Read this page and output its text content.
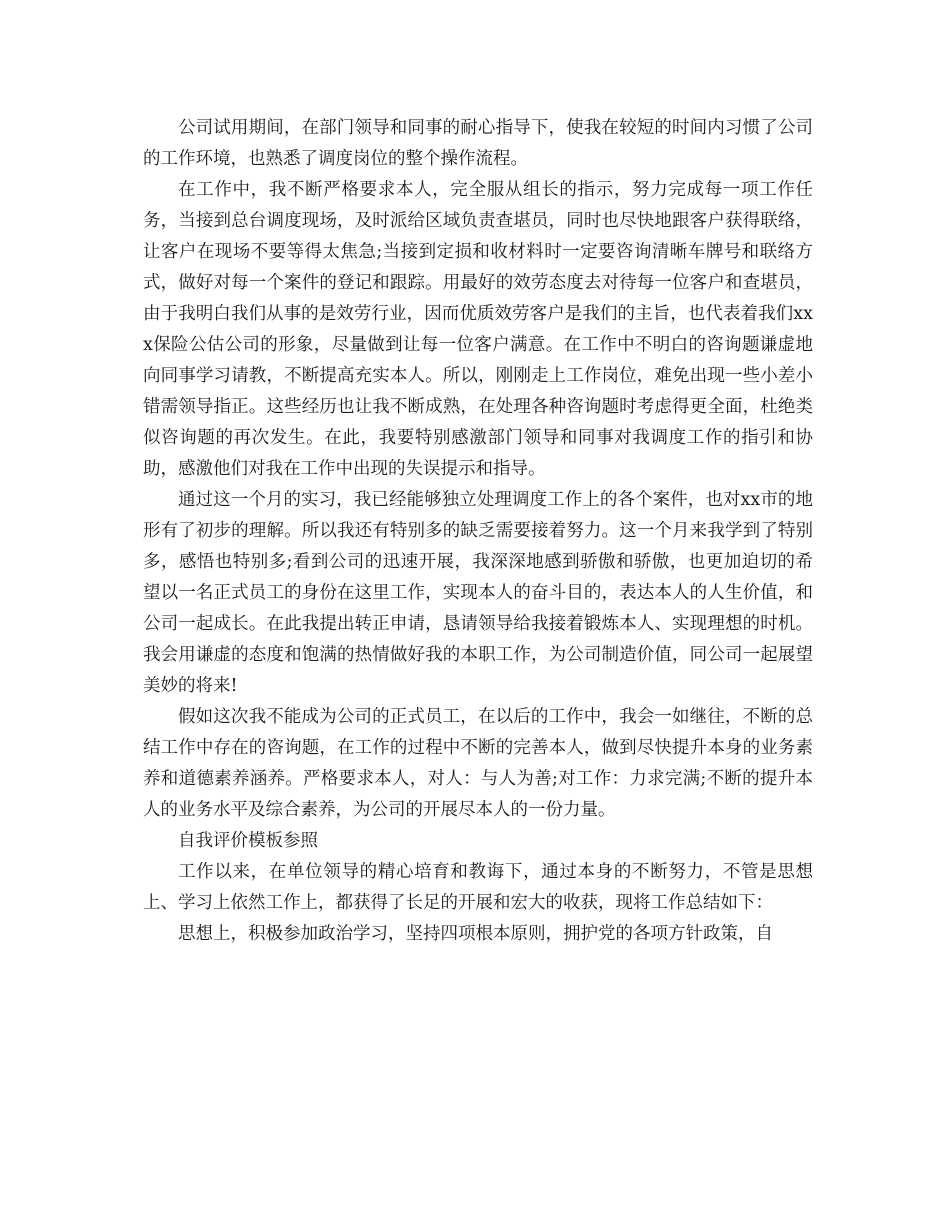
公司试用期间，在部门领导和同事的耐心指导下，使我在较短的时间内习惯了公司的工作环境，也熟悉了调度岗位的整个操作流程。

在工作中，我不断严格要求本人，完全服从组长的指示，努力完成每一项工作任务，当接到总台调度现场，及时派给区域负责查堪员，同时也尽快地跟客户获得联络，让客户在现场不要等得太焦急;当接到定损和收材料时一定要咨询清晰车牌号和联络方式，做好对每一个案件的登记和跟踪。用最好的效劳态度去对待每一位客户和查堪员，由于我明白我们从事的是效劳行业，因而优质效劳客户是我们的主旨，也代表着我们xxx保险公估公司的形象，尽量做到让每一位客户满意。在工作中不明白的咨询题谦虚地向同事学习请教，不断提高充实本人。所以，刚刚走上工作岗位，难免出现一些小差小错需领导指正。这些经历也让我不断成熟，在处理各种咨询题时考虑得更全面，杜绝类似咨询题的再次发生。在此，我要特别感激部门领导和同事对我调度工作的指引和协助，感激他们对我在工作中出现的失误提示和指导。

通过这一个月的实习，我已经能够独立处理调度工作上的各个案件，也对xx市的地形有了初步的理解。所以我还有特别多的缺乏需要接着努力。这一个月来我学到了特别多，感悟也特别多;看到公司的迅速开展，我深深地感到骄傲和骄傲，也更加迫切的希望以一名正式员工的身份在这里工作，实现本人的奋斗目的，表达本人的人生价值，和公司一起成长。在此我提出转正申请，恳请领导给我接着锻炼本人、实现理想的时机。我会用谦虚的态度和饱满的热情做好我的本职工作，为公司制造价值，同公司一起展望美妙的将来!

假如这次我不能成为公司的正式员工，在以后的工作中，我会一如继往，不断的总结工作中存在的咨询题，在工作的过程中不断的完善本人，做到尽快提升本身的业务素养和道德素养涵养。严格要求本人，对人：与人为善;对工作：力求完满;不断的提升本人的业务水平及综合素养，为公司的开展尽本人的一份力量。

自我评价模板参照

工作以来，在单位领导的精心培育和教诲下，通过本身的不断努力，不管是思想上、学习上依然工作上，都获得了长足的开展和宏大的收获，现将工作总结如下：

思想上，积极参加政治学习，坚持四项根本原则，拥护党的各项方针政策，自
